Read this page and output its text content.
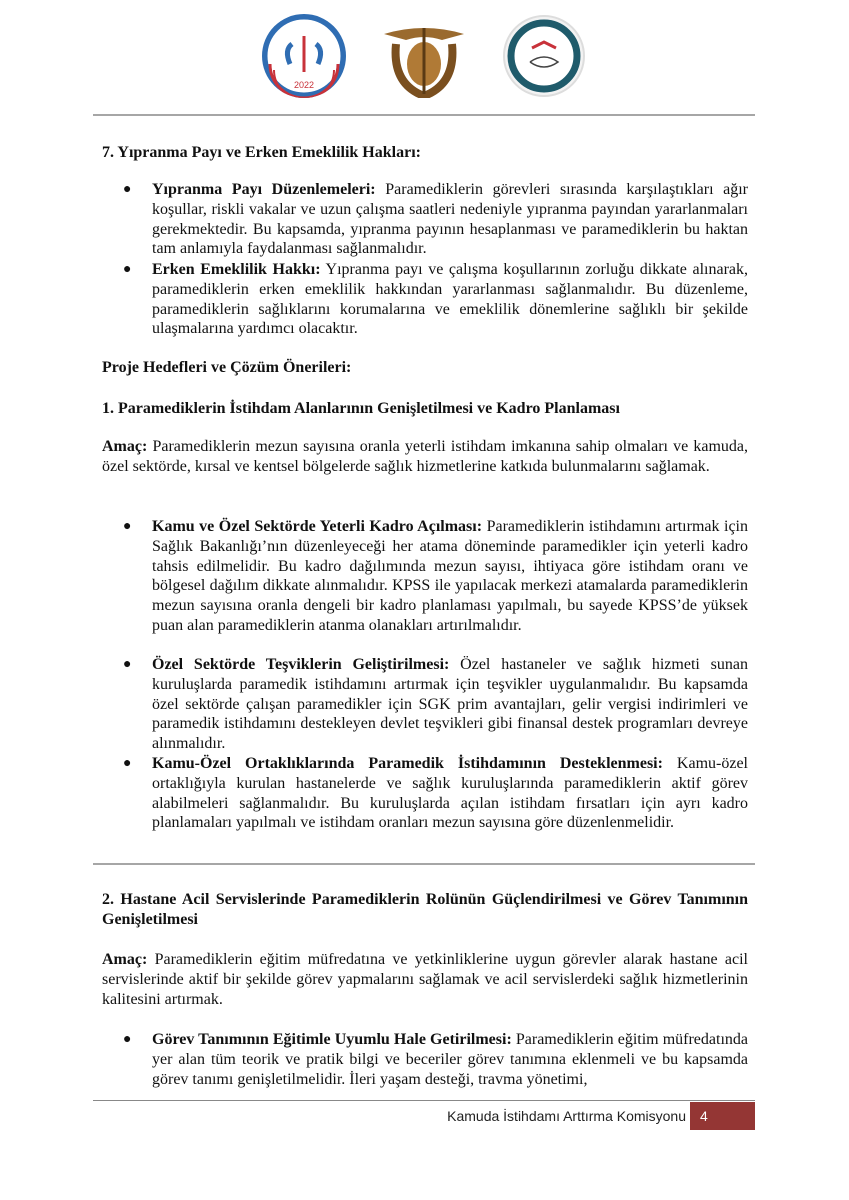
2022

7. Yıpranma Payı ve Erken Emeklilik Hakları:

● Yıpranma Payı Düzenlemeleri: Paramediklerin görevleri sırasında karşılaştıkları ağır koşullar, riskli vakalar ve uzun çalışma saatleri nedeniyle yıpranma payından yararlanmaları gerekmektedir. Bu kapsamda, yıpranma payının hesaplanması ve paramediklerin bu haktan tam anlamıyla faydalanması sağlanmalıdır.
● Erken Emeklilik Hakkı: Yıpranma payı ve çalışma koşullarının zorluğu dikkate alınarak, paramediklerin erken emeklilik hakkından yararlanması sağlanmalıdır. Bu düzenleme, paramediklerin sağlıklarını korumalarına ve emeklilik dönemlerine sağlıklı bir şekilde ulaşmalarına yardımcı olacaktır.

Proje Hedefleri ve Çözüm Önerileri:

1. Paramediklerin İstihdam Alanlarının Genişletilmesi ve Kadro Planlaması

Amaç: Paramediklerin mezun sayısına oranla yeterli istihdam imkanına sahip olmaları ve kamuda, özel sektörde, kırsal ve kentsel bölgelerde sağlık hizmetlerine katkıda bulunmalarını sağlamak.

● Kamu ve Özel Sektörde Yeterli Kadro Açılması: Paramediklerin istihdamını artırmak için Sağlık Bakanlığı’nın düzenleyeceği her atama döneminde paramedikler için yeterli kadro tahsis edilmelidir. Bu kadro dağılımında mezun sayısı, ihtiyaca göre istihdam oranı ve bölgesel dağılım dikkate alınmalıdır. KPSS ile yapılacak merkezi atamalarda paramediklerin mezun sayısına oranla dengeli bir kadro planlaması yapılmalı, bu sayede KPSS’de yüksek puan alan paramediklerin atanma olanakları artırılmalıdır.
● Özel Sektörde Teşviklerin Geliştirilmesi: Özel hastaneler ve sağlık hizmeti sunan kuruluşlarda paramedik istihdamını artırmak için teşvikler uygulanmalıdır. Bu kapsamda özel sektörde çalışan paramedikler için SGK prim avantajları, gelir vergisi indirimleri ve paramedik istihdamını destekleyen devlet teşvikleri gibi finansal destek programları devreye alınmalıdır.
● Kamu-Özel Ortaklıklarında Paramedik İstihdamının Desteklenmesi: Kamu-özel ortaklığıyla kurulan hastanelerde ve sağlık kuruluşlarında paramediklerin aktif görev alabilmeleri sağlanmalıdır. Bu kuruluşlarda açılan istihdam fırsatları için ayrı kadro planlamaları yapılmalı ve istihdam oranları mezun sayısına göre düzenlenmelidir.

2. Hastane Acil Servislerinde Paramediklerin Rolünün Güçlendirilmesi ve Görev Tanımının Genişletilmesi

Amaç: Paramediklerin eğitim müfredatına ve yetkinliklerine uygun görevler alarak hastane acil servislerinde aktif bir şekilde görev yapmalarını sağlamak ve acil servislerdeki sağlık hizmetlerinin kalitesini artırmak.

● Görev Tanımının Eğitimle Uyumlu Hale Getirilmesi: Paramediklerin eğitim müfredatında yer alan tüm teorik ve pratik bilgi ve beceriler görev tanımına eklenmeli ve bu kapsamda görev tanımı genişletilmelidir. İleri yaşam desteği, travma yönetimi,
Kamuda İstihdamı Arttırma Komisyonu	4
